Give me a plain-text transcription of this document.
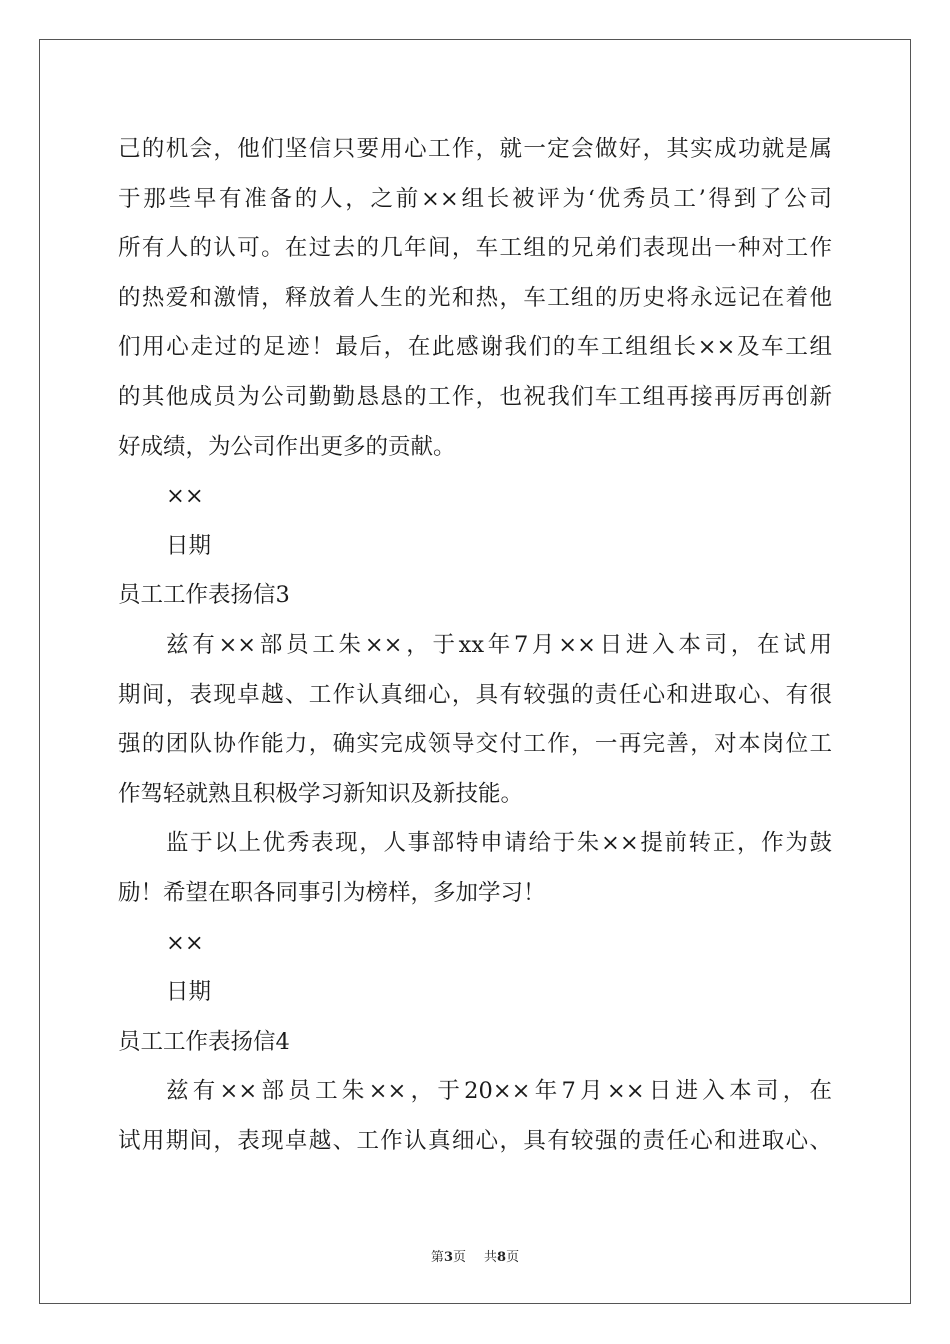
己的机会，他们坚信只要用心工作，就一定会做好，其实成功就是属
于那些早有准备的人，之前××组长被评为‘优秀员工’得到了公司
所有人的认可。在过去的几年间，车工组的兄弟们表现出一种对工作
的热爱和激情，释放着人生的光和热，车工组的历史将永远记在着他
们用心走过的足迹！最后，在此感谢我们的车工组组长××及车工组
的其他成员为公司勤勤恳恳的工作，也祝我们车工组再接再厉再创新
好成绩，为公司作出更多的贡献。
××
日期
员工工作表扬信3
兹有××部员工朱××，于xx年7月××日进入本司，在试用
期间，表现卓越、工作认真细心，具有较强的责任心和进取心、有很
强的团队协作能力，确实完成领导交付工作，一再完善，对本岗位工
作驾轻就熟且积极学习新知识及新技能。
监于以上优秀表现，人事部特申请给于朱××提前转正，作为鼓
励！希望在职各同事引为榜样，多加学习！
××
日期
员工工作表扬信4
兹有××部员工朱××，于20××年7月××日进入本司，在
试用期间，表现卓越、工作认真细心，具有较强的责任心和进取心、
第3页 共8页
